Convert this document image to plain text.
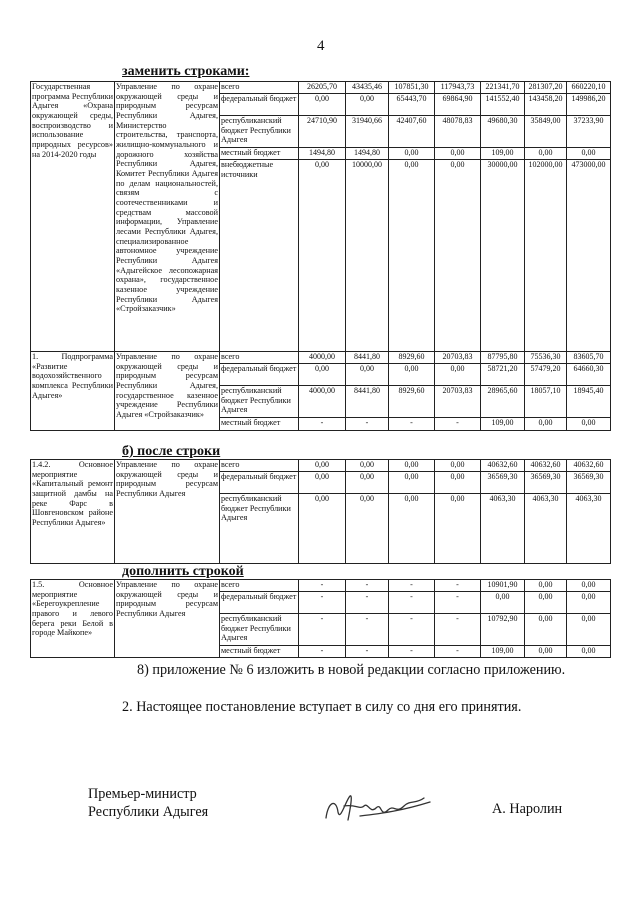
4
заменить строками:
Государственная программа Республики Адыгея «Охрана окружающей среды, воспроизводство и использование природных ресурсов» на 2014-2020 годы	Управление по охране окружающей среды и природным ресурсам Республики Адыгея, Министерство строительства, транспорта, жилищно-коммунального и дорожного хозяйства Республики Адыгея, Комитет Республики Адыгея по делам национальностей, связям с соотечественниками и средствам массовой информации, Управление лесами Республики Адыгея, специализированное автономное учреждение Республики Адыгея «Адыгейское лесопожарная охрана», государственное казенное учреждение Республики Адыгея «Стройзаказчик»	всего	26205,70	43435,46	107851,30	117943,73	221341,70	281307,20	660220,10
		федеральный бюджет	0,00	0,00	65443,70	69864,90	141552,40	143458,20	149986,20
		республиканский бюджет Республики Адыгея	24710,90	31940,66	42407,60	48078,83	49680,30	35849,00	37233,90
		местный бюджет	1494,80	1494,80	0,00	0,00	109,00	0,00	0,00
		внебюджетные источники	0,00	10000,00	0,00	0,00	30000,00	102000,00	473000,00
1. Подпрограмма «Развитие водохозяйственного комплекса Республики Адыгея»	Управление по охране окружающей среды и природным ресурсам Республики Адыгея, государственное казенное учреждение Республики Адыгея «Стройзаказчик»	всего	4000,00	8441,80	8929,60	20703,83	87795,80	75536,30	83605,70
		федеральный бюджет	0,00	0,00	0,00	0,00	58721,20	57479,20	64660,30
		республиканский бюджет Республики Адыгея	4000,00	8441,80	8929,60	20703,83	28965,60	18057,10	18945,40
		местный бюджет	-	-	-	-	109,00	0,00	0,00
б) после строки
1.4.2. Основное мероприятие «Капитальный ремонт защитной дамбы на реке Фарс в Шовгеновском районе Республики Адыгея»	Управление по охране окружающей среды и природным ресурсам Республики Адыгея	всего	0,00	0,00	0,00	0,00	40632,60	40632,60	40632,60
		федеральный бюджет	0,00	0,00	0,00	0,00	36569,30	36569,30	36569,30
		республиканский бюджет Республики Адыгея	0,00	0,00	0,00	0,00	4063,30	4063,30	4063,30
дополнить строкой
1.5. Основное мероприятие «Берегоукрепление правого и левого берега реки Белой в городе Майкопе»	Управление по охране окружающей среды и природным ресурсам Республики Адыгея	всего	-	-	-	-	10901,90	0,00	0,00
		федеральный бюджет	-	-	-	-	0,00	0,00	0,00
		республиканский бюджет Республики Адыгея	-	-	-	-	10792,90	0,00	0,00
		местный бюджет	-	-	-	-	109,00	0,00	0,00
8) приложение № 6 изложить в новой редакции согласно приложению.
2. Настоящее постановление вступает в силу со дня его принятия.
Премьер-министр
Республики Адыгея	А. Наролин
